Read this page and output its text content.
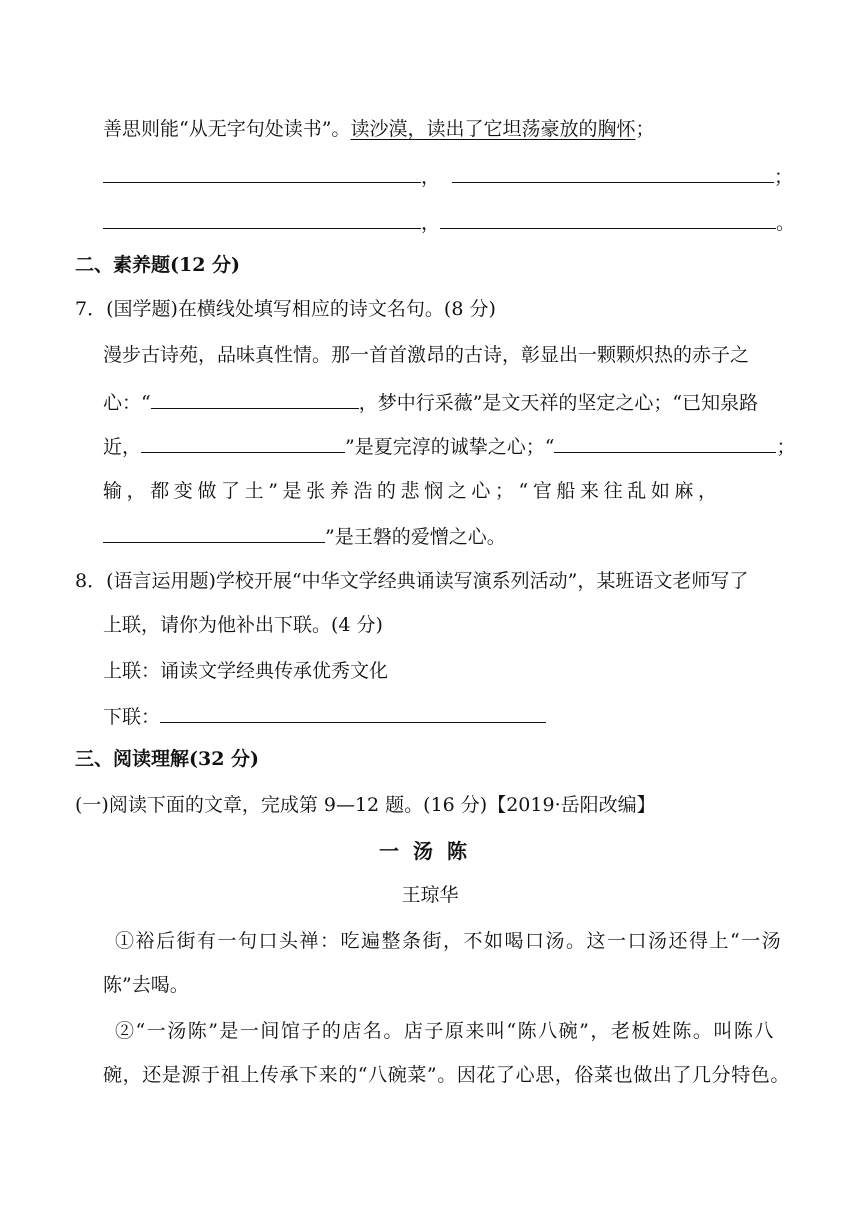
善思则能“从无字句处读书”。读沙漠，读出了它坦荡豪放的胸怀；
，	；
，	。
二、素养题(12 分)
7．(国学题)在横线处填写相应的诗文名句。(8 分)
漫步古诗苑，品味真性情。那一首首激昂的古诗，彰显出一颗颗炽热的赤子之
心：“	，梦中行采薇”是文天祥的坚定之心；“已知泉路
近，	”是夏完淳的诚挚之心；“	；
输，都变做了土”是张养浩的悲悯之心；“官船来往乱如麻，
”是王磐的爱憎之心。
8．(语言运用题)学校开展“中华文学经典诵读写演系列活动”，某班语文老师写了
上联，请你为他补出下联。(4 分)
上联：诵读文学经典传承优秀文化
下联：
三、阅读理解(32 分)
(一)阅读下面的文章，完成第 9—12 题。(16 分)【2019·岳阳改编】
一汤陈
王琼华
①裕后街有一句口头禅：吃遍整条街，不如喝口汤。这一口汤还得上“一汤
陈”去喝。
②“一汤陈”是一间馆子的店名。店子原来叫“陈八碗”，老板姓陈。叫陈八
碗，还是源于祖上传承下来的“八碗菜”。因花了心思，俗菜也做出了几分特色。
